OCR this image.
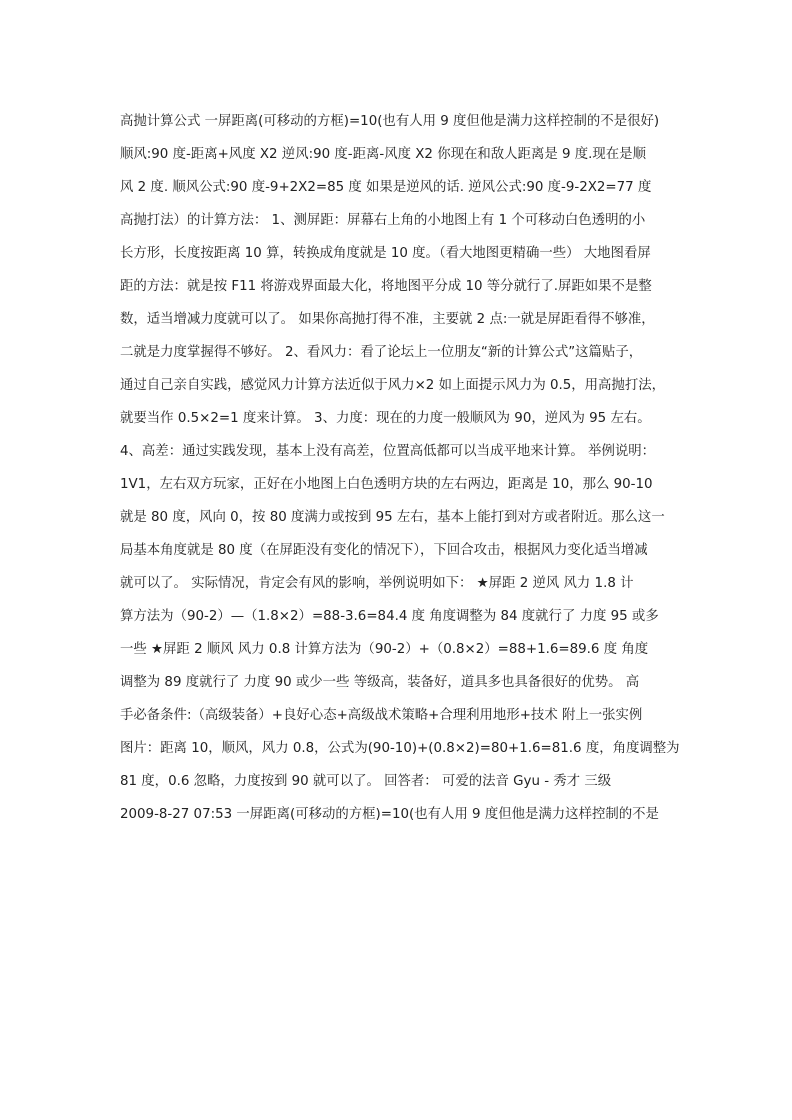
高抛计算公式 一屏距离(可移动的方框)=10(也有人用 9 度但他是满力这样控制的不是很好)
顺风:90 度-距离+风度 X2 逆风:90 度-距离-风度 X2 你现在和敌人距离是 9 度.现在是顺
风 2 度. 顺风公式:90 度-9+2X2=85 度 如果是逆风的话. 逆风公式:90 度-9-2X2=77 度
高抛打法）的计算方法： 1、测屏距：屏幕右上角的小地图上有 1 个可移动白色透明的小
长方形，长度按距离 10 算，转换成角度就是 10 度。（看大地图更精确一些） 大地图看屏
距的方法：就是按 F11 将游戏界面最大化，将地图平分成 10 等分就行了.屏距如果不是整
数，适当增减力度就可以了。 如果你高抛打得不准，主要就 2 点:一就是屏距看得不够准，
二就是力度掌握得不够好。 2、看风力：看了论坛上一位朋友“新的计算公式”这篇贴子，
通过自己亲自实践，感觉风力计算方法近似于风力×2 如上面提示风力为 0.5，用高抛打法，
就要当作 0.5×2=1 度来计算。 3、力度：现在的力度一般顺风为 90，逆风为 95 左右。
4、高差：通过实践发现，基本上没有高差，位置高低都可以当成平地来计算。 举例说明：
1V1，左右双方玩家，正好在小地图上白色透明方块的左右两边，距离是 10，那么 90-10
就是 80 度，风向 0，按 80 度满力或按到 95 左右，基本上能打到对方或者附近。那么这一
局基本角度就是 80 度（在屏距没有变化的情况下），下回合攻击，根据风力变化适当增减
就可以了。 实际情况，肯定会有风的影响，举例说明如下： ★屏距 2 逆风 风力 1.8 计
算方法为（90-2）—（1.8×2）=88-3.6=84.4 度 角度调整为 84 度就行了 力度 95 或多
一些 ★屏距 2 顺风 风力 0.8 计算方法为（90-2）+（0.8×2）=88+1.6=89.6 度 角度
调整为 89 度就行了 力度 90 或少一些 等级高，装备好，道具多也具备很好的优势。 高
手必备条件:（高级装备）+良好心态+高级战术策略+合理利用地形+技术 附上一张实例
图片：距离 10，顺风，风力 0.8，公式为(90-10)+(0.8×2)=80+1.6=81.6 度，角度调整为
81 度，0.6 忽略，力度按到 90 就可以了。 回答者： 可爱的法音 Gyu - 秀才 三级
2009-8-27 07:53 一屏距离(可移动的方框)=10(也有人用 9 度但他是满力这样控制的不是
